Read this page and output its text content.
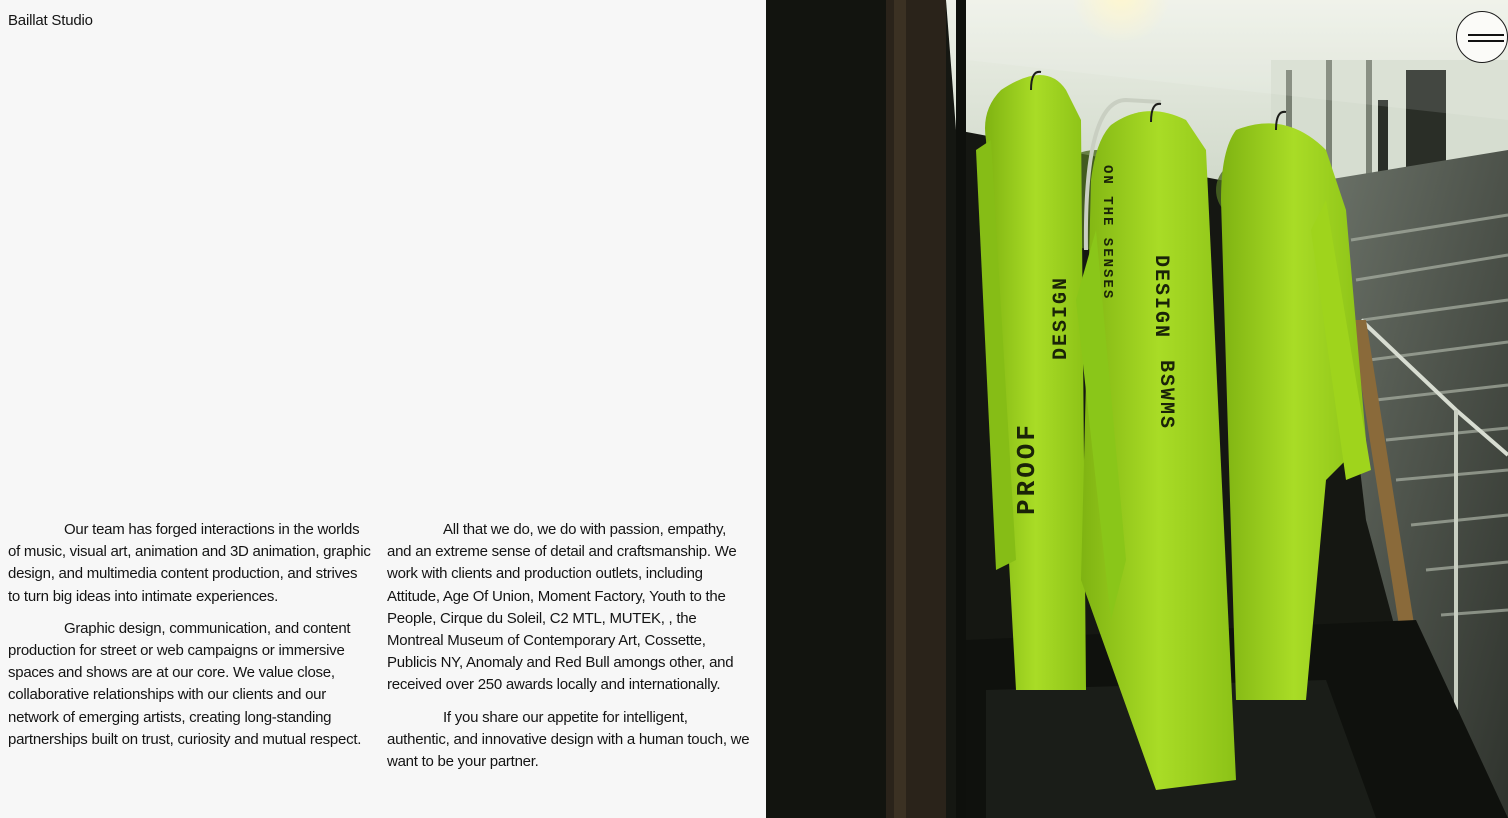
Baillat Studio

Our team has forged interactions in the worlds of music, visual art, animation and 3D animation, graphic design, and multimedia content production, and strives to turn big ideas into intimate experiences.

Graphic design, communication, and content production for street or web campaigns or immersive spaces and shows are at our core. We value close, collaborative relationships with our clients and our network of emerging artists, creating long-standing partnerships built on trust, curiosity and mutual respect.

All that we do, we do with passion, empathy, and an extreme sense of detail and craftsmanship. We work with clients and production outlets, including Attitude, Age Of Union, Moment Factory, Youth to the People, Cirque du Soleil, C2 MTL, MUTEK, , the Montreal Museum of Contemporary Art, Cossette, Publicis NY, Anomaly and Red Bull amongs other, and received over 250 awards locally and internationally.

If you share our appetite for intelligent, authentic, and innovative design with a human touch, we want to be your partner.

PROOF
DESIGN	DESIGN
ON THE SENSES
BSWMS
